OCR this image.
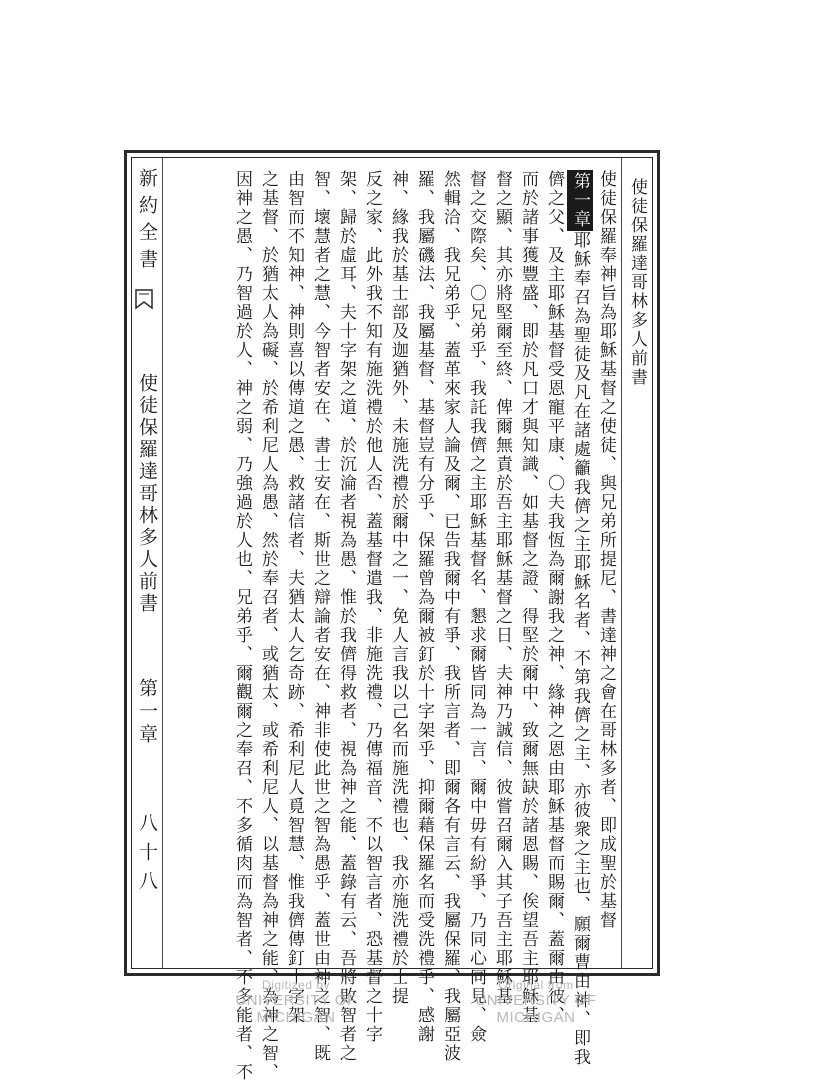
使徒保羅達哥林多人前書
使徒保羅奉神旨為耶穌基督之使徒、與兄弟所提尼、書達神之會在哥林多者、即成聖於基督
第一章耶穌奉召為聖徒及凡在諸處籲我儕之主耶穌名者、不第我儕之主、亦彼衆之主也、願爾曹由神、即我
儕之父、及主耶穌基督受恩寵平康、〇夫我恆為爾謝我之神、緣神之恩由耶穌基督而賜爾、蓋爾由彼、
而於諸事獲豐盛、即於凡口才與知識、如基督之證、得堅於爾中、致爾無缺於諸恩賜、俟望吾主耶穌基
督之顯、其亦將堅爾至終、俾爾無責於吾主耶穌基督之日、夫神乃誠信、彼嘗召爾入其子吾主耶穌基
督之交際矣、〇兄弟乎、我託我儕之主耶穌基督名、懇求爾皆同為一言、爾中毋有紛爭、乃同心同見、僉
然輯洽、我兄弟乎、蓋革來家人論及爾、已告我爾中有爭、我所言者、即爾各有言云、我屬保羅、我屬亞波
羅、我屬磯法、我屬基督、基督豈有分乎、保羅曾為爾被釘於十字架乎、抑爾藉保羅名而受洗禮乎、感謝
神、緣我於基士部及迦猶外、未施洗禮於爾中之一、免人言我以己名而施洗禮也、我亦施洗禮於士提
反之家、此外我不知有施洗禮於他人否、蓋基督遣我、非施洗禮、乃傳福音、不以智言者、恐基督之十字
架、歸於虛耳、夫十字架之道、於沉淪者視為愚、惟於我儕得救者、視為神之能、蓋錄有云、吾將敗智者之
智、壞慧者之慧、今智者安在、書士安在、斯世之辯論者安在、神非使此世之智為愚乎、蓋世由神之智、既
由智而不知神、神則喜以傳道之愚、救諸信者、夫猶太人乞奇跡、希利尼人覓智慧、惟我儕傳釘十字架
之基督、於猶太人為礙、於希利尼人為愚、然於奉召者、或猶太、或希利尼人、以基督為神之能、為神之智、
因神之愚、乃智過於人、神之弱、乃強過於人也、兄弟乎、爾觀爾之奉召、不多循肉而為智者、不多能者、不
新約全書
使徒保羅達哥林多人前書
第一章
八十八
Digitized by
UNIVERSITY OF MICHIGAN
Original from
UNIVERSITY OF MICHIGAN
